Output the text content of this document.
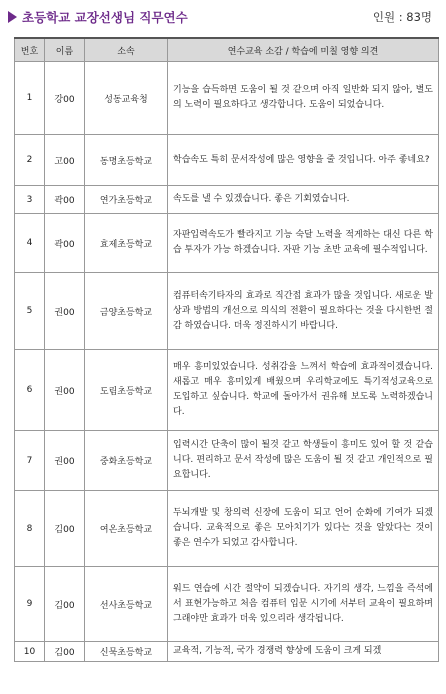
초등학교 교장선생님 직무연수	인원 : 83명
번호	이름	소속	연수교육 소감 / 학습에 미칠 영향 의견
1	강00	성동교육청	기능을 습득하면 도움이 될 것 같으며 아직 일반화 되지 않아, 별도의 노력이 필요하다고 생각합니다. 도움이 되었습니다.
2	고00	동명초등학교	학습속도 특히 문서작성에 많은 영향을 줄 것입니다. 아주 좋네요?
3	곽00	연가초등학교	속도를 낼 수 있겠습니다. 좋은 기회였습니다.
4	곽00	효제초등학교	자판입력속도가 빨라지고 기능 숙달 노력을 적게하는 대신 다른 학습 투자가 가능 하겠습니다. 자판 기능 초반 교육에 필수적입니다.
5	권00	금양초등학교	컴퓨터속기타자의 효과로 직간접 효과가 많을 것입니다. 새로운 발상과 방법의 개선으로 의식의 전환이 필요하다는 것을 다시한번 절감 하였습니다. 더욱 정진하시기 바랍니다.
6	권00	도림초등학교	매우 흥미있었습니다. 성취감을 느껴서 학습에 효과적이겠습니다. 새롭고 매우 흥미있게 배웠으며 우리학교에도 특기적성교육으로 도입하고 싶습니다. 학교에 돌아가서 권유해 보도록 노력하겠습니다.
7	권00	중화초등학교	입력시간 단축이 많이 될것 같고 학생들이 흥미도 있어 할 것 같습니다. 편리하고 문서 작성에 많은 도움이 될 것 같고 개인적으로 필요합니다.
8	김00	여온초등학교	두뇌개발 및 창의력 신장에 도움이 되고 언어 순화에 기여가 되겠습니다. 교육적으로 좋은 모아치기가 있다는 것을 알았다는 것이 좋은 연수가 되었고 감사합니다.
9	김00	선사초등학교	워드 연습에 시간 절약이 되겠습니다. 자기의 생각, 느낌을 즉석에서 표현가능하고 처음 컴퓨터 입문 시기에 서부터 교육이 필요하며 그래야만 효과가 더욱 있으리라 생각됩니다.
10	김00	신묵초등학교	교육적, 기능적, 국가 경쟁력 향상에 도움이 크게 되겠
